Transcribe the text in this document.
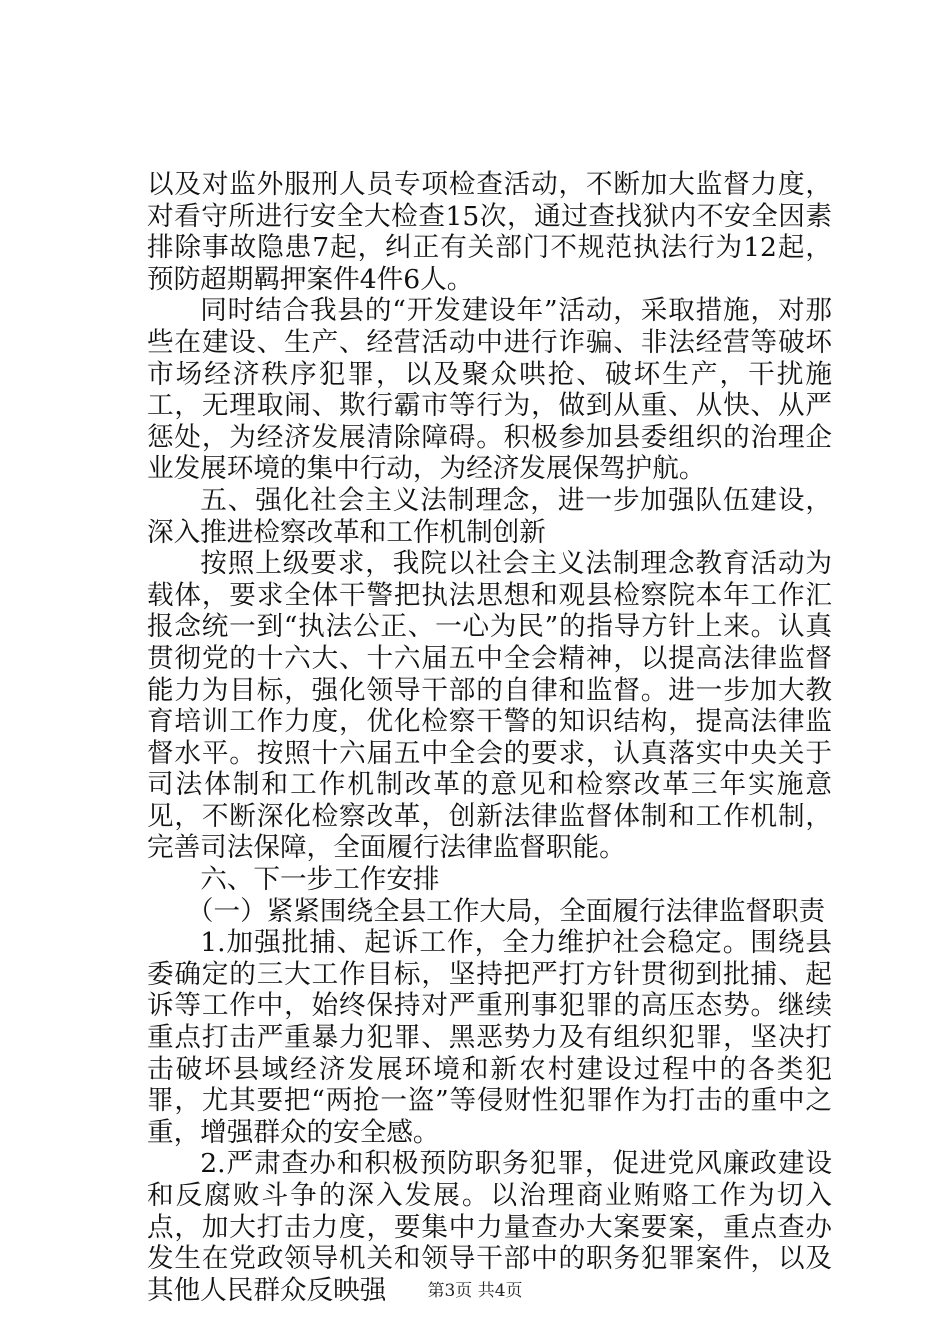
以及对监外服刑人员专项检查活动，不断加大监督力度，对看守所进行安全大检查15次，通过查找狱内不安全因素排除事故隐患7起，纠正有关部门不规范执法行为12起，预防超期羁押案件4件6人。

同时结合我县的“开发建设年”活动，采取措施，对那些在建设、生产、经营活动中进行诈骗、非法经营等破坏市场经济秩序犯罪，以及聚众哄抢、破坏生产，干扰施工，无理取闹、欺行霸市等行为，做到从重、从快、从严惩处，为经济发展清除障碍。积极参加县委组织的治理企业发展环境的集中行动，为经济发展保驾护航。

五、强化社会主义法制理念，进一步加强队伍建设，深入推进检察改革和工作机制创新

按照上级要求，我院以社会主义法制理念教育活动为载体，要求全体干警把执法思想和观县检察院本年工作汇报念统一到“执法公正、一心为民”的指导方针上来。认真贯彻党的十六大、十六届五中全会精神，以提高法律监督能力为目标，强化领导干部的自律和监督。进一步加大教育培训工作力度，优化检察干警的知识结构，提高法律监督水平。按照十六届五中全会的要求，认真落实中央关于司法体制和工作机制改革的意见和检察改革三年实施意见，不断深化检察改革，创新法律监督体制和工作机制，完善司法保障，全面履行法律监督职能。

六、下一步工作安排

（一）紧紧围绕全县工作大局，全面履行法律监督职责

1.加强批捕、起诉工作，全力维护社会稳定。围绕县委确定的三大工作目标，坚持把严打方针贯彻到批捕、起诉等工作中，始终保持对严重刑事犯罪的高压态势。继续重点打击严重暴力犯罪、黑恶势力及有组织犯罪，坚决打击破坏县域经济发展环境和新农村建设过程中的各类犯罪，尤其要把“两抢一盗”等侵财性犯罪作为打击的重中之重，增强群众的安全感。

2.严肃查办和积极预防职务犯罪，促进党风廉政建设和反腐败斗争的深入发展。以治理商业贿赂工作为切入点，加大打击力度，要集中力量查办大案要案，重点查办发生在党政领导机关和领导干部中的职务犯罪案件，以及其他人民群众反映强	第3页 共4页
